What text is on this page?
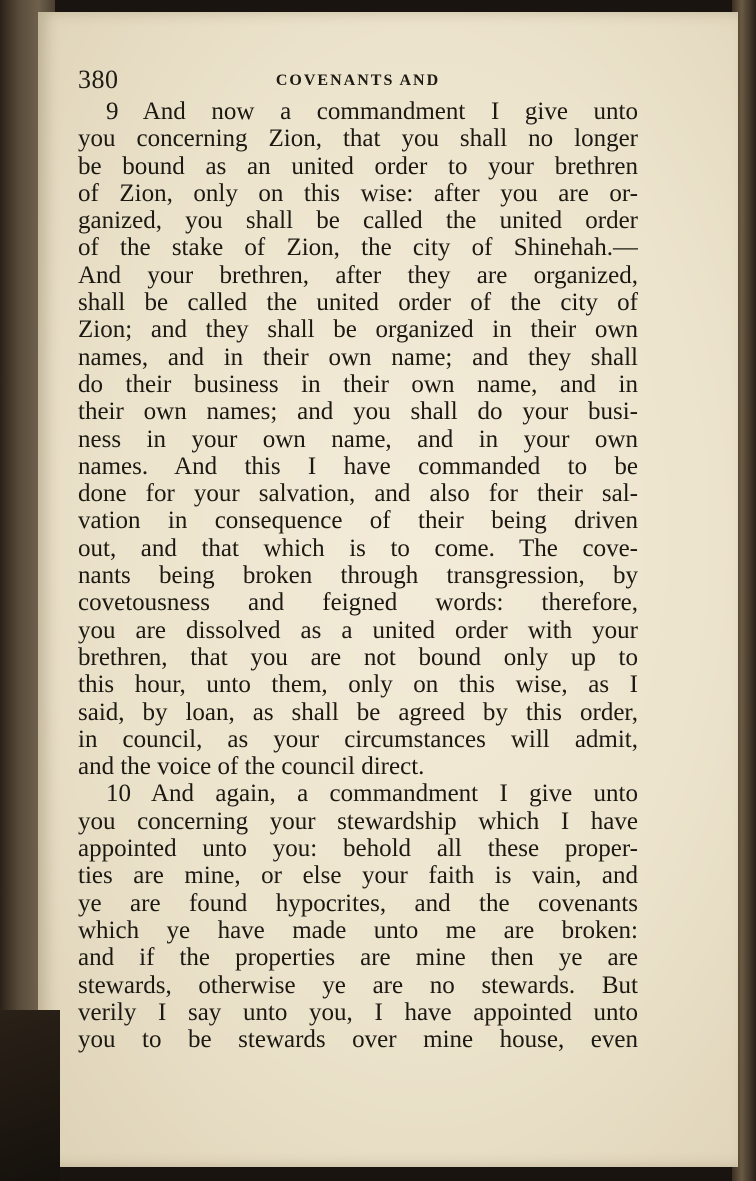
380	COVENANTS AND
9 And now a commandment I give unto
you concerning Zion, that you shall no longer
be bound as an united order to your brethren
of Zion, only on this wise: after you are or-
ganized, you shall be called the united order
of the stake of Zion, the city of Shinehah.—
And your brethren, after they are organized,
shall be called the united order of the city of
Zion; and they shall be organized in their own
names, and in their own name; and they shall
do their business in their own name, and in
their own names; and you shall do your busi-
ness in your own name, and in your own
names. And this I have commanded to be
done for your salvation, and also for their sal-
vation in consequence of their being driven
out, and that which is to come. The cove-
nants being broken through transgression, by
covetousness and feigned words: therefore,
you are dissolved as a united order with your
brethren, that you are not bound only up to
this hour, unto them, only on this wise, as I
said, by loan, as shall be agreed by this order,
in council, as your circumstances will admit,
and the voice of the council direct.
10 And again, a commandment I give unto
you concerning your stewardship which I have
appointed unto you: behold all these proper-
ties are mine, or else your faith is vain, and
ye are found hypocrites, and the covenants
which ye have made unto me are broken:
and if the properties are mine then ye are
stewards, otherwise ye are no stewards. But
verily I say unto you, I have appointed unto
you to be stewards over mine house, even
